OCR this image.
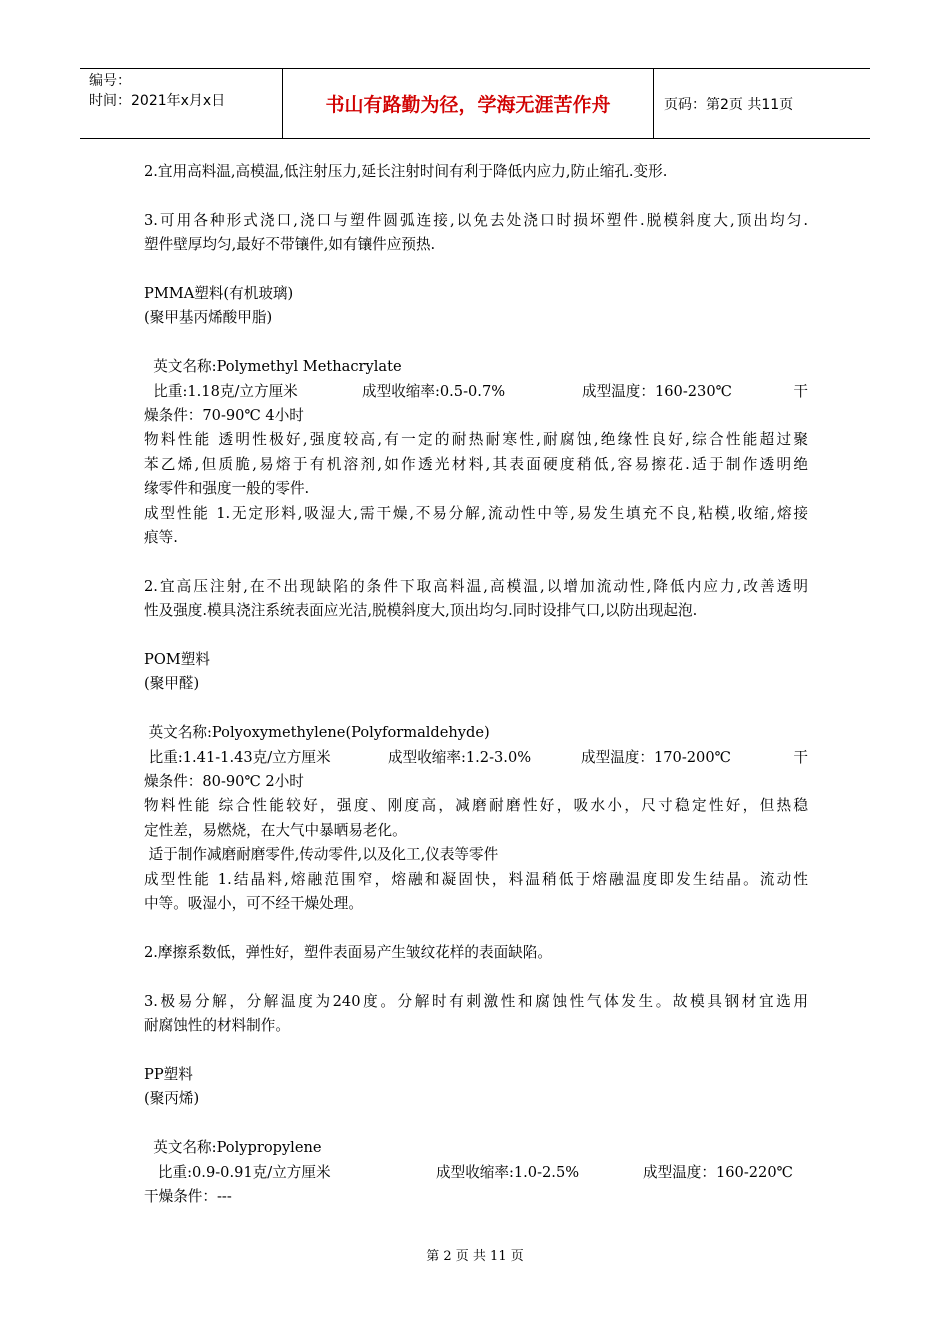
编号：
时间：2021年x月x日	书山有路勤为径，学海无涯苦作舟	页码：第2页 共11页

2.宜用高料温,高模温,低注射压力,延长注射时间有利于降低内应力,防止缩孔.变形.

3.可用各种形式浇口,浇口与塑件圆弧连接,以免去处浇口时损坏塑件.脱模斜度大,顶出均匀.

塑件壁厚均匀,最好不带镶件,如有镶件应预热.

PMMA塑料(有机玻璃)

(聚甲基丙烯酸甲脂)

英文名称:Polymethyl Methacrylate

比重:1.18克/立方厘米	成型收缩率:0.5-0.7%	成型温度：160-230℃	干

燥条件：70-90℃ 4小时

物料性能 透明性极好,强度较高,有一定的耐热耐寒性,耐腐蚀,绝缘性良好,综合性能超过聚

苯乙烯,但质脆,易熔于有机溶剂,如作透光材料,其表面硬度稍低,容易擦花.适于制作透明绝

缘零件和强度一般的零件.

成型性能 1.无定形料,吸湿大,需干燥,不易分解,流动性中等,易发生填充不良,粘模,收缩,熔接

痕等.

2.宜高压注射,在不出现缺陷的条件下取高料温,高模温,以增加流动性,降低内应力,改善透明

性及强度.模具浇注系统表面应光洁,脱模斜度大,顶出均匀.同时设排气口,以防出现起泡.

POM塑料

(聚甲醛)

英文名称:Polyoxymethylene(Polyformaldehyde)

比重:1.41-1.43克/立方厘米	成型收缩率:1.2-3.0%	成型温度：170-200℃	干

燥条件：80-90℃ 2小时

物料性能 综合性能较好，强度、刚度高，减磨耐磨性好，吸水小，尺寸稳定性好，但热稳

定性差，易燃烧，在大气中暴晒易老化。

适于制作减磨耐磨零件,传动零件,以及化工,仪表等零件

成型性能 1.结晶料,熔融范围窄，熔融和凝固快，料温稍低于熔融温度即发生结晶。流动性

中等。吸湿小，可不经干燥处理。

2.摩擦系数低，弹性好，塑件表面易产生皱纹花样的表面缺陷。

3.极易分解，分解温度为240度。分解时有刺激性和腐蚀性气体发生。故模具钢材宜选用

耐腐蚀性的材料制作。

PP塑料

(聚丙烯)

英文名称:Polypropylene

比重:0.9-0.91克/立方厘米	成型收缩率:1.0-2.5%	成型温度：160-220℃

干燥条件：---

第 2 页 共 11 页
